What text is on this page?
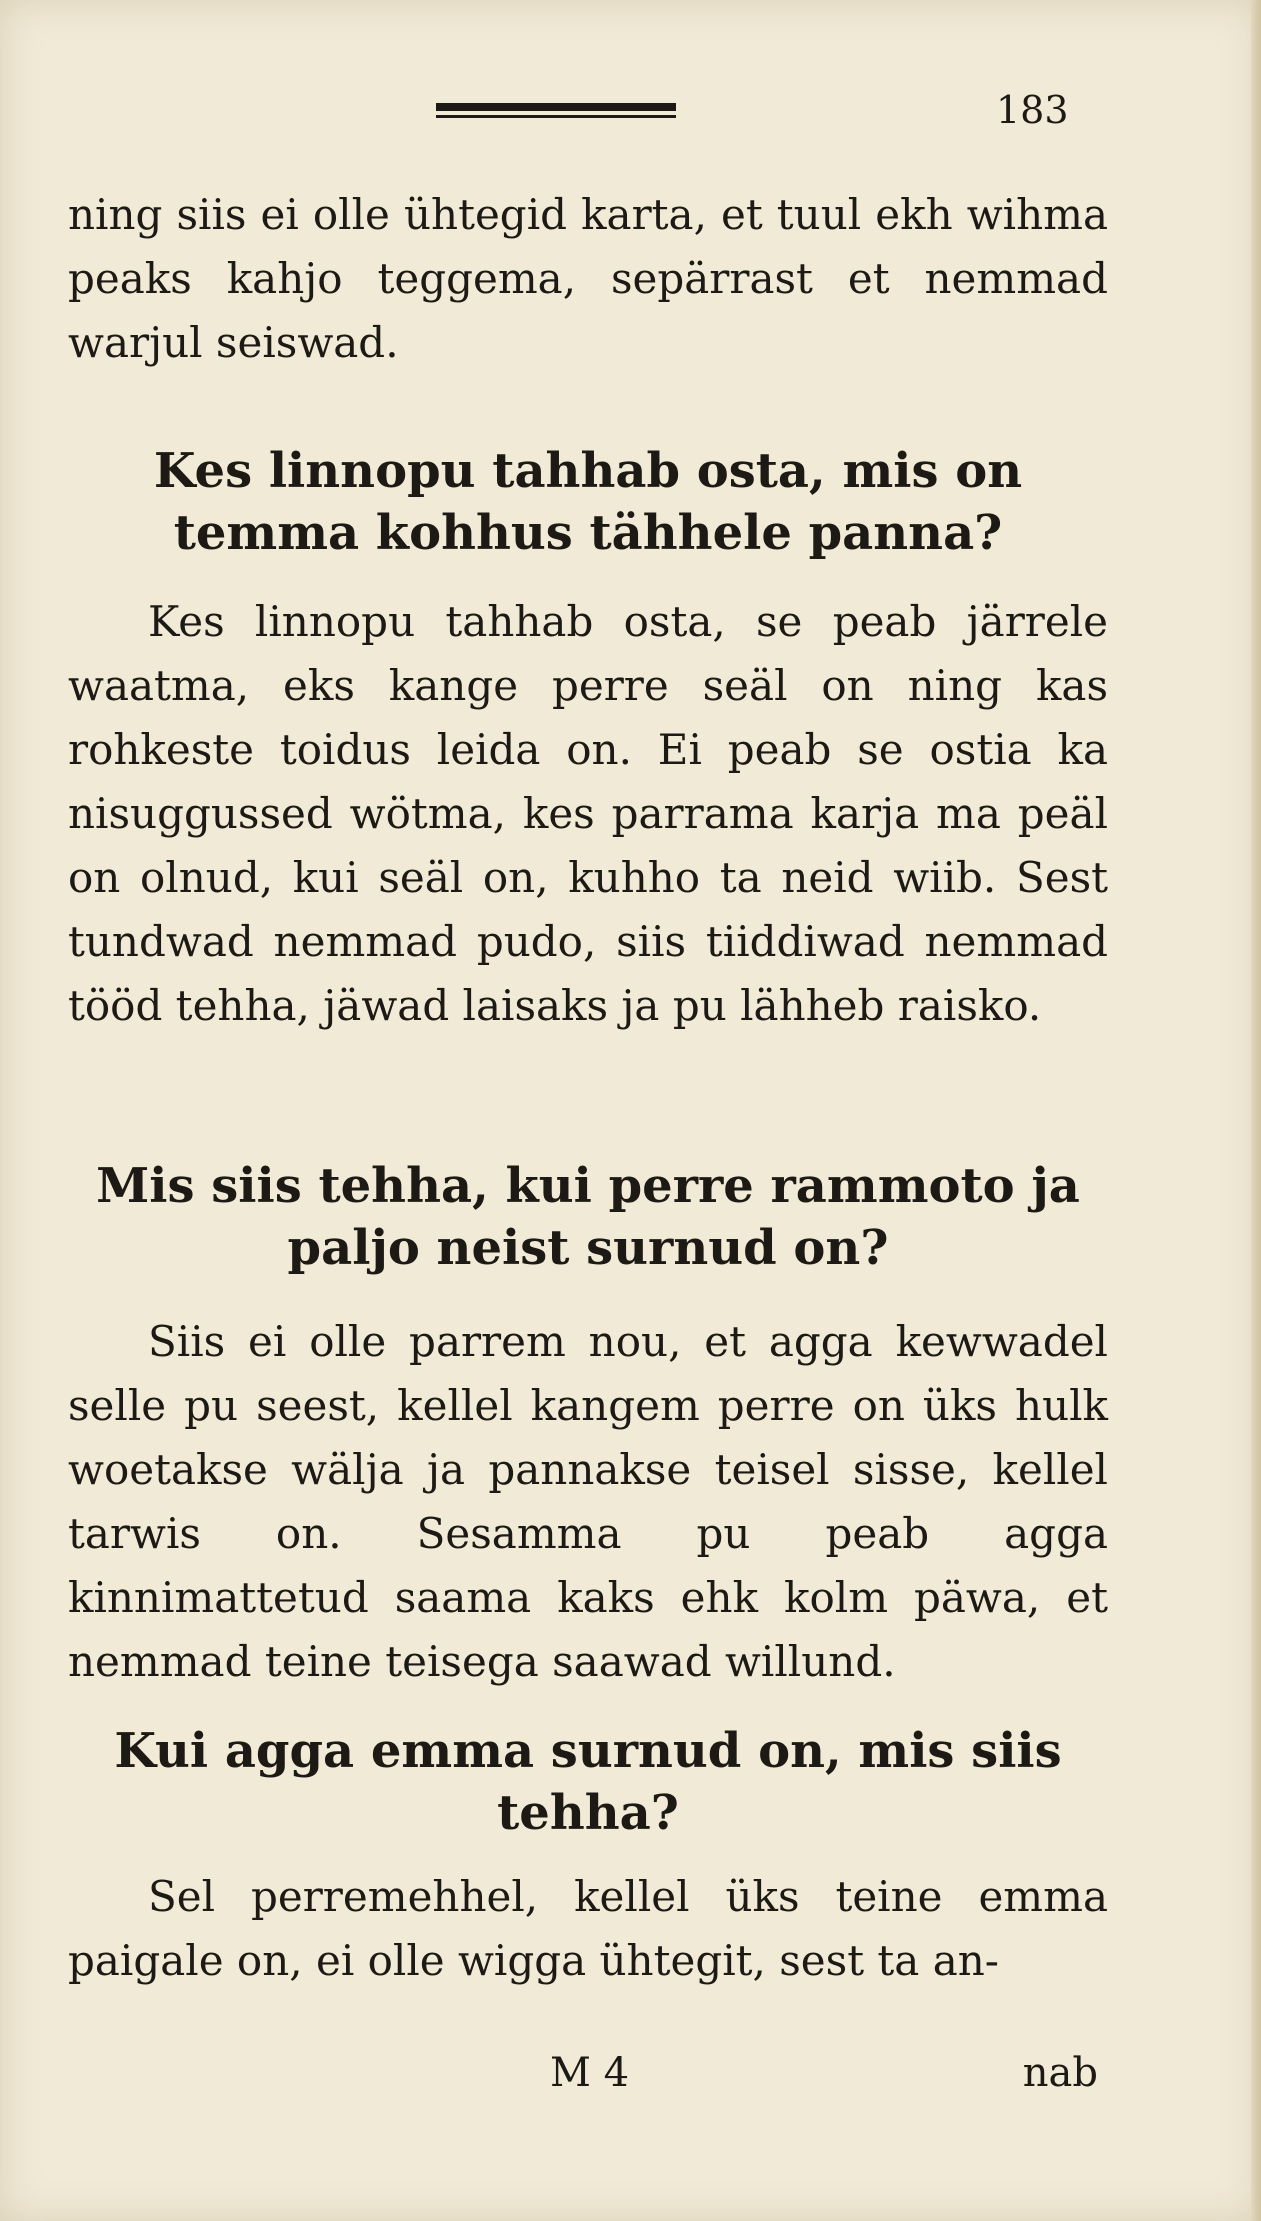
183

ning siis ei olle ühtegid karta, et tuul ekh wihma peaks kahjo teggema, sepärrast et nemmad warjul seiswad.

Kes linnopu tahhab osta, mis on temma kohhus tähhele panna?

Kes linnopu tahhab osta, se peab järrele waatma, eks kange perre seäl on ning kas rohkeste toidus leida on. Ei peab se ostia ka nisuggussed wötma, kes parrama karja ma peäl on olnud, kui seäl on, kuhho ta neid wiib. Sest tundwad nemmad pudo, siis tiiddiwad nemmad tööd tehha, jäwad laisaks ja pu lähheb raisko.

Mis siis tehha, kui perre rammoto ja paljo neist surnud on?

Siis ei olle parrem nou, et agga kewwadel selle pu seest, kellel kangem perre on üks hulk woetakse wälja ja pannakse teisel sisse, kellel tarwis on. Sesamma pu peab agga kinnimattetud saama kaks ehk kolm päwa, et nemmad teine teisega saawad willund.

Kui agga emma surnud on, mis siis tehha?

Sel perremehhel, kellel üks teine emma paigale on, ei olle wigga ühtegit, sest ta an-

M 4	nab
